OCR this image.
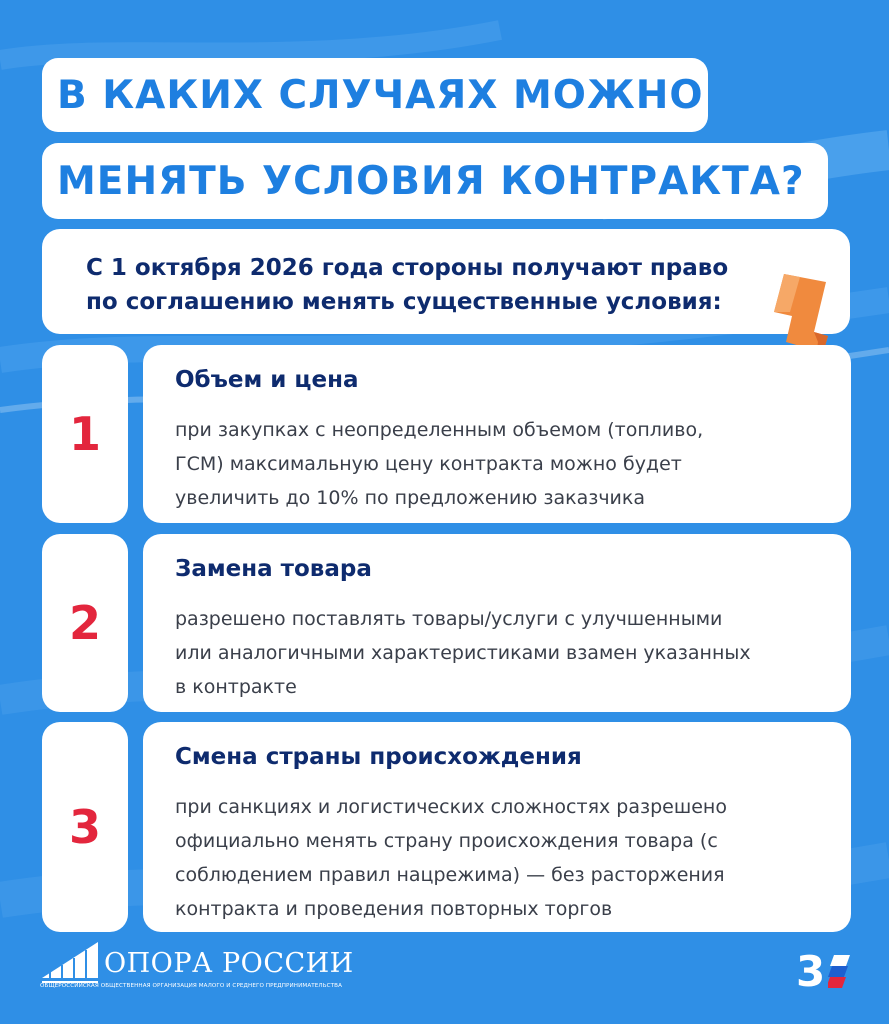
В КАКИХ СЛУЧАЯХ МОЖНО
МЕНЯТЬ УСЛОВИЯ КОНТРАКТА?
С 1 октября 2026 года стороны получают право
по соглашению менять существенные условия:
1
Объем и цена
при закупках с неопределенным объемом (топливо,
ГСМ) максимальную цену контракта можно будет
увеличить до 10% по предложению заказчика
2
Замена товара
разрешено поставлять товары/услуги с улучшенными
или аналогичными характеристиками взамен указанных
в контракте
3
Смена страны происхождения
при санкциях и логистических сложностях разрешено
официально менять страну происхождения товара (с
соблюдением правил нацрежима) — без расторжения
контракта и проведения повторных торгов
ОПОРА РОССИИ
ОБЩЕРОССИЙСКАЯ ОБЩЕСТВЕННАЯ ОРГАНИЗАЦИЯ МАЛОГО И СРЕДНЕГО ПРЕДПРИНИМАТЕЛЬСТВА	3
